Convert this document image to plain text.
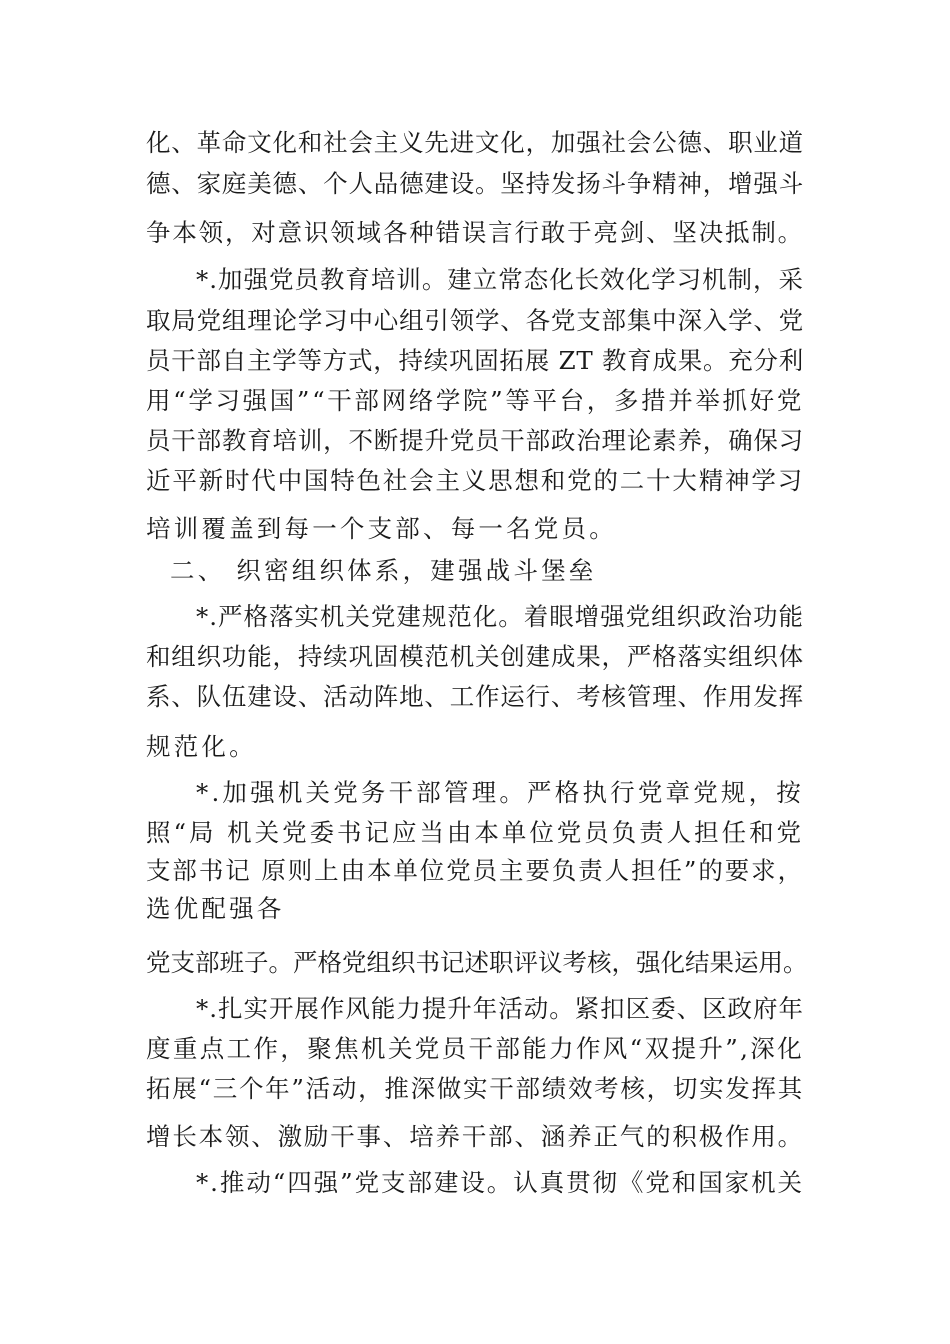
化、革命文化和社会主义先进文化，加强社会公德、职业道
德、家庭美德、个人品德建设。坚持发扬斗争精神，增强斗
争本领，对意识领域各种错误言行敢于亮剑、坚决抵制。
*.加强党员教育培训。建立常态化长效化学习机制，采
取局党组理论学习中心组引领学、各党支部集中深入学、党
员干部自主学等方式，持续巩固拓展 ZT 教育成果。充分利
用“学习强国”“干部网络学院”等平台，多措并举抓好党
员干部教育培训，不断提升党员干部政治理论素养，确保习
近平新时代中国特色社会主义思想和党的二十大精神学习
培训覆盖到每一个支部、每一名党员。
二、 织密组织体系，建强战斗堡垒
*.严格落实机关党建规范化。着眼增强党组织政治功能
和组织功能，持续巩固模范机关创建成果，严格落实组织体
系、队伍建设、活动阵地、工作运行、考核管理、作用发挥
规范化。
*.加强机关党务干部管理。严格执行党章党规，按
照“局 机关党委书记应当由本单位党员负责人担任和党
支部书记 原则上由本单位党员主要负责人担任”的要求，
选优配强各
党支部班子。严格党组织书记述职评议考核，强化结果运用。
*.扎实开展作风能力提升年活动。紧扣区委、区政府年
度重点工作，聚焦机关党员干部能力作风“双提升”,深化
拓展“三个年”活动，推深做实干部绩效考核，切实发挥其
增长本领、激励干事、培养干部、涵养正气的积极作用。
*.推动“四强”党支部建设。认真贯彻《党和国家机关
